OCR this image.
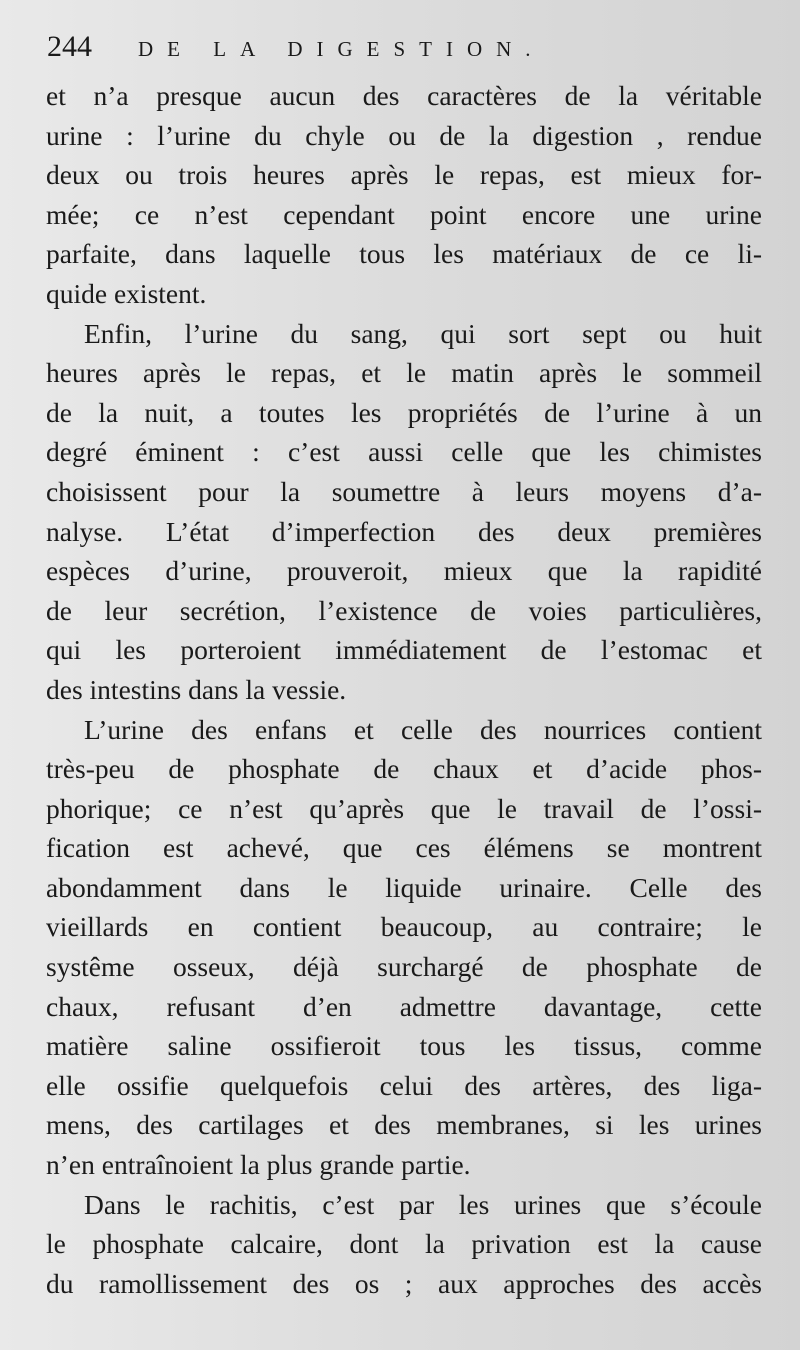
244 DE LA DIGESTION.
et n’a presque aucun des caractères de la véritable
urine : l’urine du chyle ou de la digestion , rendue
deux ou trois heures après le repas, est mieux for-
mée; ce n’est cependant point encore une urine
parfaite, dans laquelle tous les matériaux de ce li-
quide existent.
Enfin, l’urine du sang, qui sort sept ou huit
heures après le repas, et le matin après le sommeil
de la nuit, a toutes les propriétés de l’urine à un
degré éminent : c’est aussi celle que les chimistes
choisissent pour la soumettre à leurs moyens d’a-
nalyse. L’état d’imperfection des deux premières
espèces d’urine, prouveroit, mieux que la rapidité
de leur secrétion, l’existence de voies particulières,
qui les porteroient immédiatement de l’estomac et
des intestins dans la vessie.
L’urine des enfans et celle des nourrices contient
très-peu de phosphate de chaux et d’acide phos-
phorique; ce n’est qu’après que le travail de l’ossi-
fication est achevé, que ces élémens se montrent
abondamment dans le liquide urinaire. Celle des
vieillards en contient beaucoup, au contraire; le
systême osseux, déjà surchargé de phosphate de
chaux, refusant d’en admettre davantage, cette
matière saline ossifieroit tous les tissus, comme
elle ossifie quelquefois celui des artères, des liga-
mens, des cartilages et des membranes, si les urines
n’en entraînoient la plus grande partie.
Dans le rachitis, c’est par les urines que s’écoule
le phosphate calcaire, dont la privation est la cause
du ramollissement des os ; aux approches des accès
